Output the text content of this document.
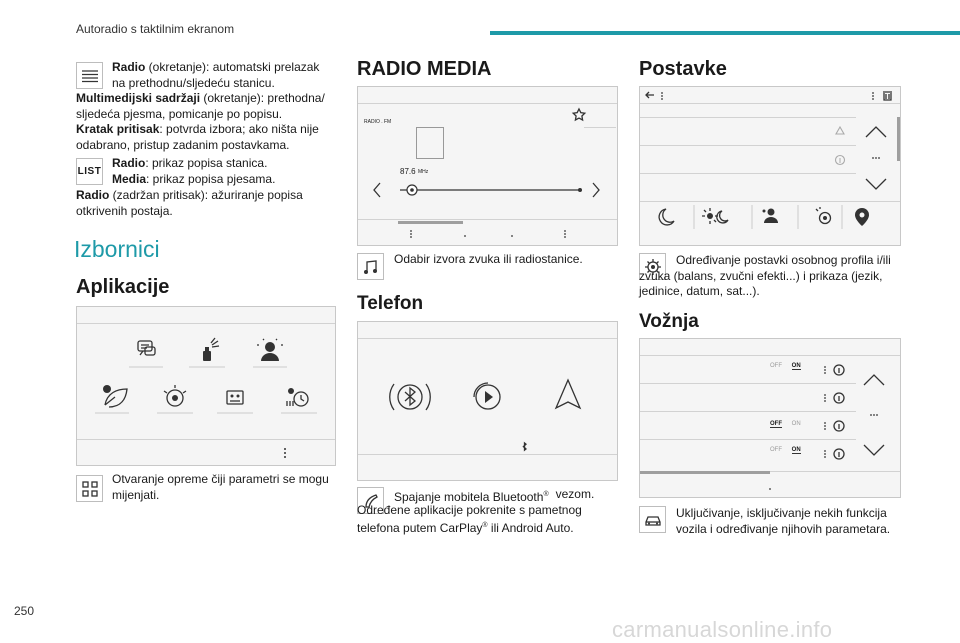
Autoradio s taktilnim ekranom
250
carmanualsonline.info
Radio (okretanje): automatski prelazak na prethodnu/sljedeću stanicu.
Multimedijski sadržaji (okretanje): prethodna/ sljedeća pjesma, pomicanje po popisu.
Kratak pritisak: potvrda izbora; ako ništa nije odabrano, pristup zadanim postavkama.
LIST
Radio: prikaz popisa stanica.
Media: prikaz popisa pjesama.
Radio (zadržan pritisak): ažuriranje popisa otkrivenih postaja.
Izbornici
Aplikacije
Otvaranje opreme čiji parametri se mogu mijenjati.
RADIO MEDIA
RADIO . FM
87.6 MHz
Odabir izvora zvuka ili radiostanice.
Telefon
Spajanje mobitela Bluetooth® vezom. Određene aplikacije pokrenite s pametnog telefona putem CarPlay® ili Android Auto.
Postavke
Određivanje postavki osobnog profila i/ili zvuka (balans, zvučni efekti...) i prikaza (jezik, jedinice, datum, sat...).
Vožnja
OFF ON
OFF ON
OFF ON
Uključivanje, isključivanje nekih funkcija vozila i određivanje njihovih parametara.
